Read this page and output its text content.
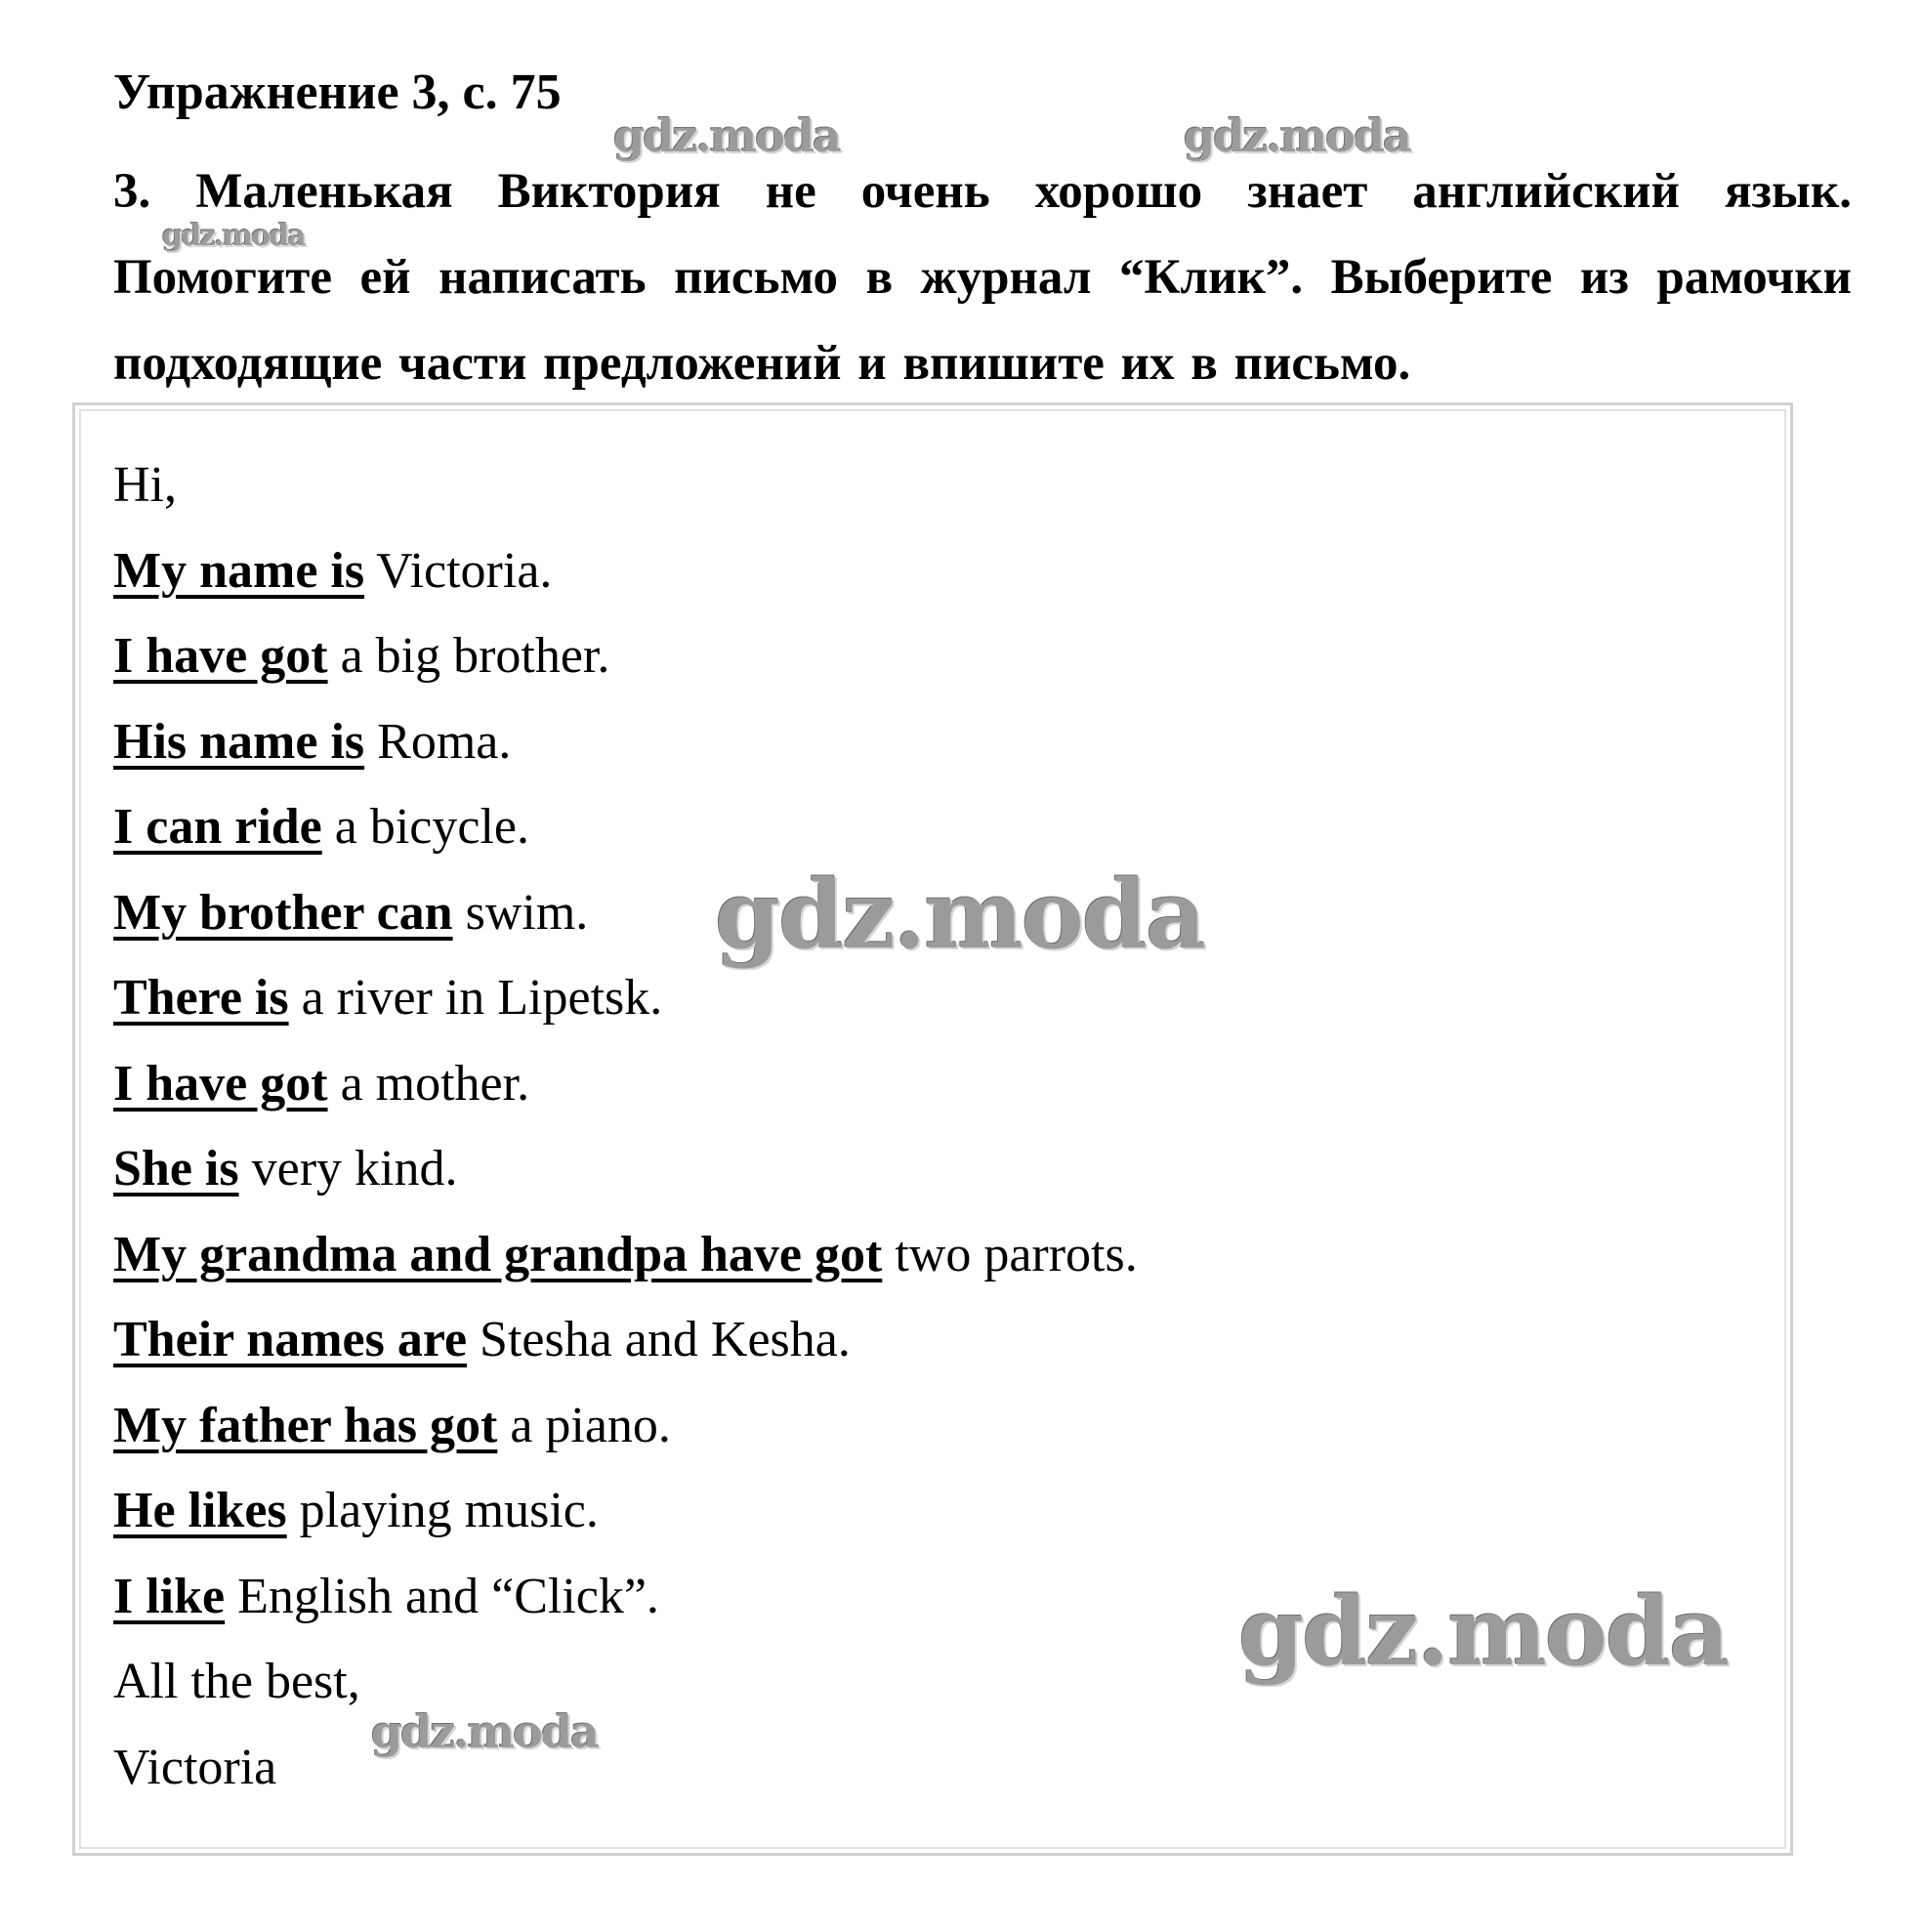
Упражнение 3, с. 75

3. Маленькая Виктория не очень хорошо знает английский язык. Помогите ей написать письмо в журнал “Клик”. Выберите из рамочки подходящие части предложений и впишите их в письмо.

Hi,
My name is Victoria.
I have got a big brother.
His name is Roma.
I can ride a bicycle.
My brother can swim.
There is a river in Lipetsk.
I have got a mother.
She is very kind.
My grandma and grandpa have got two parrots.
Their names are Stesha and Kesha.
My father has got a piano.
He likes playing music.
I like English and “Click”.
All the best,
Victoria
gdz.moda	gdz.moda
gdz.moda
gdz.moda
gdz.moda
gdz.moda
